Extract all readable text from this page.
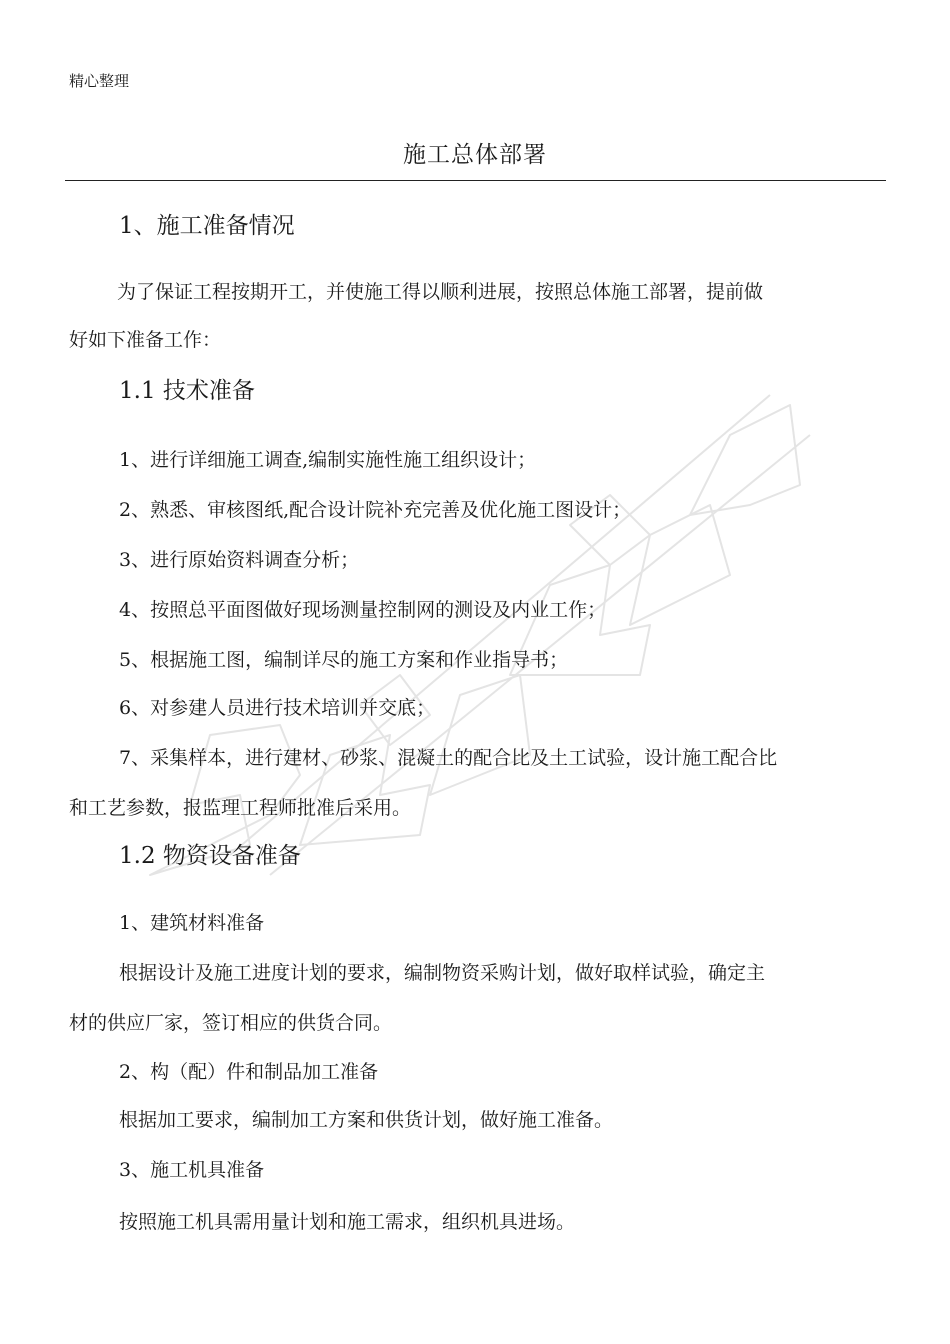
精心整理
施工总体部署
1、施工准备情况
为了保证工程按期开工，并使施工得以顺利进展，按照总体施工部署，提前做
好如下准备工作：
1.1 技术准备
1、进行详细施工调查,编制实施性施工组织设计；
2、熟悉、审核图纸,配合设计院补充完善及优化施工图设计；
3、进行原始资料调查分析；
4、按照总平面图做好现场测量控制网的测设及内业工作；
5、根据施工图，编制详尽的施工方案和作业指导书；
6、对参建人员进行技术培训并交底；
7、采集样本，进行建材、砂浆、混凝土的配合比及土工试验，设计施工配合比
和工艺参数，报监理工程师批准后采用。
1.2 物资设备准备
1、建筑材料准备
根据设计及施工进度计划的要求，编制物资采购计划，做好取样试验，确定主
材的供应厂家，签订相应的供货合同。
2、构（配）件和制品加工准备
根据加工要求，编制加工方案和供货计划，做好施工准备。
3、施工机具准备
按照施工机具需用量计划和施工需求，组织机具进场。
